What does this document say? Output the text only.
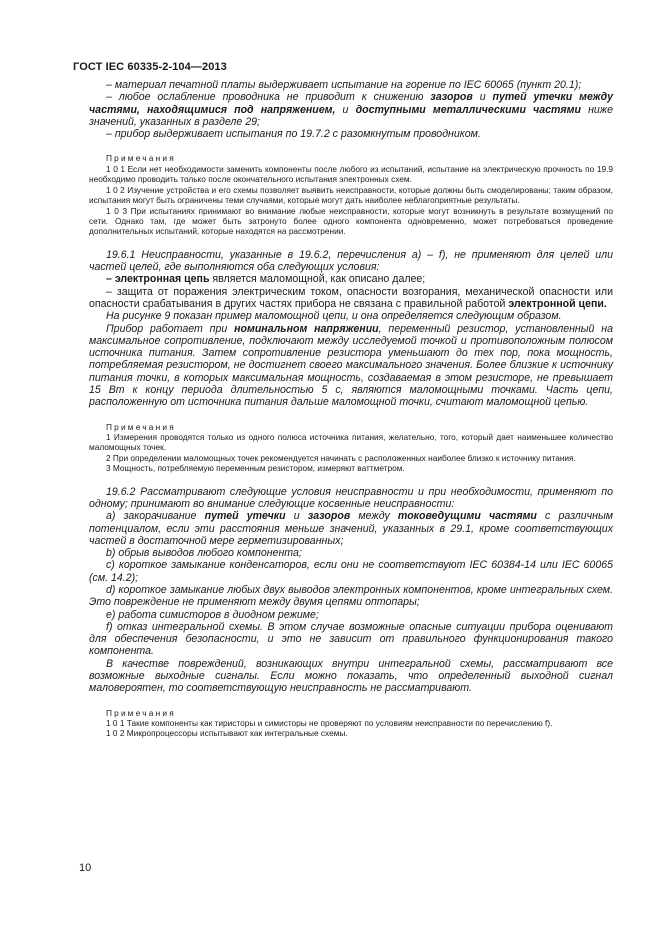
ГОСТ IEC 60335-2-104—2013

– материал печатной платы выдерживает испытание на горение по IEC 60065 (пункт 20.1);

– любое ослабление проводника не приводит к снижению зазоров и путей утечки между частями, находящимися под напряжением, и доступными металлическими частями ниже значений, указанных в разделе 29;

– прибор выдерживает испытания по 19.7.2 с разомкнутым проводником.

Примечания

1 0 1 Если нет необходимости заменить компоненты после любого из испытаний, испытание на электрическую прочность по 19.9 необходимо проводить только после окончательного испытания электронных схем.

1 0 2 Изучение устройства и его схемы позволяет выявить неисправности, которые должны быть смоделированы; таким образом, испытания могут быть ограничены теми случаями, которые могут дать наиболее неблагоприятные результаты.

1 0 3 При испытаниях принимают во внимание любые неисправности, которые могут возникнуть в результате возмущений по сети. Однако там, где может быть затронуто более одного компонента одновременно, может потребоваться проведение дополнительных испытаний, которые находятся на рассмотрении.

19.6.1 Неисправности, указанные в 19.6.2, перечисления а) – f), не применяют для целей или частей целей, где выполняются оба следующих условия:

– электронная цепь является маломощной, как описано далее;

– защита от поражения электрическим током, опасности возгорания, механической опасности или опасности срабатывания в других частях прибора не связана с правильной работой электронной цепи.

На рисунке 9 показан пример маломощной цепи, и она определяется следующим образом.

Прибор работает при номинальном напряжении, переменный резистор, установленный на максимальное сопротивление, подключают между исследуемой точкой и противоположным полюсом источника питания. Затем сопротивление резистора уменьшают до тех пор, пока мощность, потребляемая резистором, не достигнет своего максимального значения. Более близкие к источнику питания точки, в которых максимальная мощность, создаваемая в этом резисторе, не превышает 15 Вт к концу периода длительностью 5 с, являются маломощными точками. Часть цепи, расположенную от источника питания дальше маломощной точки, считают маломощной цепью.

Примечания

1 Измерения проводятся только из одного полюса источника питания, желательно, того, который дает наименьшее количество маломощных точек.

2 При определении маломощных точек рекомендуется начинать с расположенных наиболее близко к источнику питания.

3 Мощность, потребляемую переменным резистором, измеряют ваттметром.

19.6.2 Рассматривают следующие условия неисправности и при необходимости, применяют по одному; принимают во внимание следующие косвенные неисправности:

а) закорачивание путей утечки и зазоров между токоведущими частями с различным потенциалом, если эти расстояния меньше значений, указанных в 29.1, кроме соответствующих частей в достаточной мере герметизированных;

b) обрыв выводов любого компонента;

c) короткое замыкание конденсаторов, если они не соответствуют IEC 60384-14 или IEC 60065 (см. 14.2);

d) короткое замыкание любых двух выводов электронных компонентов, кроме интегральных схем. Это повреждение не применяют между двумя цепями оптопары;

e) работа симисторов в диодном режиме;

f) отказ интегральной схемы. В этом случае возможные опасные ситуации прибора оценивают для обеспечения безопасности, и это не зависит от правильного функционирования такого компонента.

В качестве повреждений, возникающих внутри интегральной схемы, рассматривают все возможные выходные сигналы. Если можно показать, что определенный выходной сигнал маловероятен, то соответствующую неисправность не рассматривают.

Примечания

1 0 1 Такие компоненты как тиристоры и симисторы не проверяют по условиям неисправности по перечислению f).

1 0 2 Микропроцессоры испытывают как интегральные схемы.

10
